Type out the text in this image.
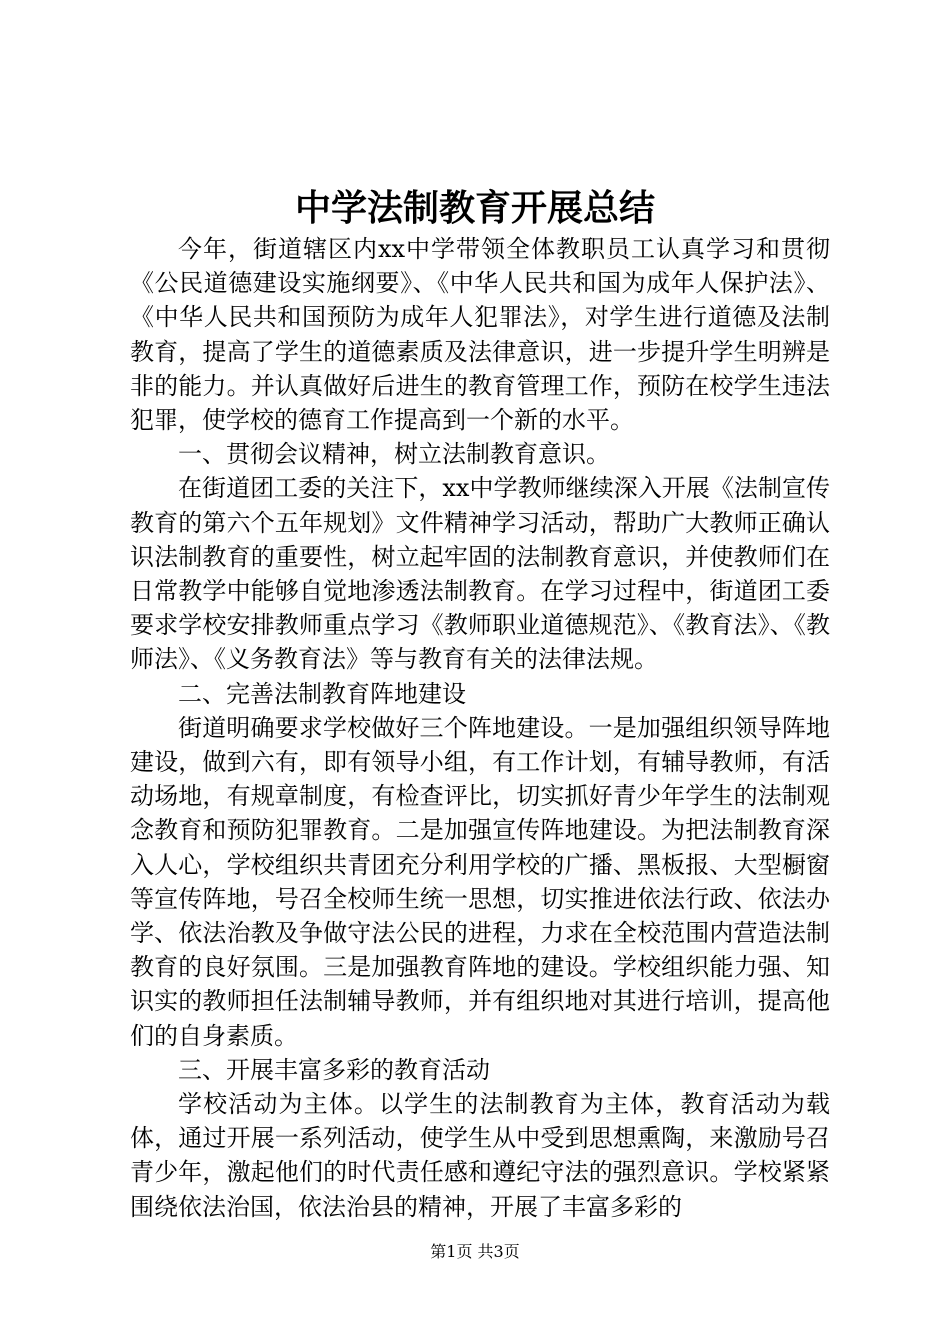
中学法制教育开展总结

今年，街道辖区内xx中学带领全体教职员工认真学习和贯彻《公民道德建设实施纲要》、《中华人民共和国为成年人保护法》、《中华人民共和国预防为成年人犯罪法》，对学生进行道德及法制教育，提高了学生的道德素质及法律意识，进一步提升学生明辨是非的能力。并认真做好后进生的教育管理工作，预防在校学生违法犯罪，使学校的德育工作提高到一个新的水平。

一、贯彻会议精神，树立法制教育意识。

在街道团工委的关注下，xx中学教师继续深入开展《法制宣传教育的第六个五年规划》文件精神学习活动，帮助广大教师正确认识法制教育的重要性，树立起牢固的法制教育意识，并使教师们在日常教学中能够自觉地渗透法制教育。在学习过程中，街道团工委要求学校安排教师重点学习《教师职业道德规范》、《教育法》、《教师法》、《义务教育法》等与教育有关的法律法规。

二、完善法制教育阵地建设

街道明确要求学校做好三个阵地建设。一是加强组织领导阵地建设，做到六有，即有领导小组，有工作计划，有辅导教师，有活动场地，有规章制度，有检查评比，切实抓好青少年学生的法制观念教育和预防犯罪教育。二是加强宣传阵地建设。为把法制教育深入人心，学校组织共青团充分利用学校的广播、黑板报、大型橱窗等宣传阵地，号召全校师生统一思想，切实推进依法行政、依法办学、依法治教及争做守法公民的进程，力求在全校范围内营造法制教育的良好氛围。三是加强教育阵地的建设。学校组织能力强、知识实的教师担任法制辅导教师，并有组织地对其进行培训，提高他们的自身素质。

三、开展丰富多彩的教育活动

学校活动为主体。以学生的法制教育为主体，教育活动为载体，通过开展一系列活动，使学生从中受到思想熏陶，来激励号召青少年，激起他们的时代责任感和遵纪守法的强烈意识。学校紧紧围绕依法治国，依法治县的精神，开展了丰富多彩的

第1页 共3页
